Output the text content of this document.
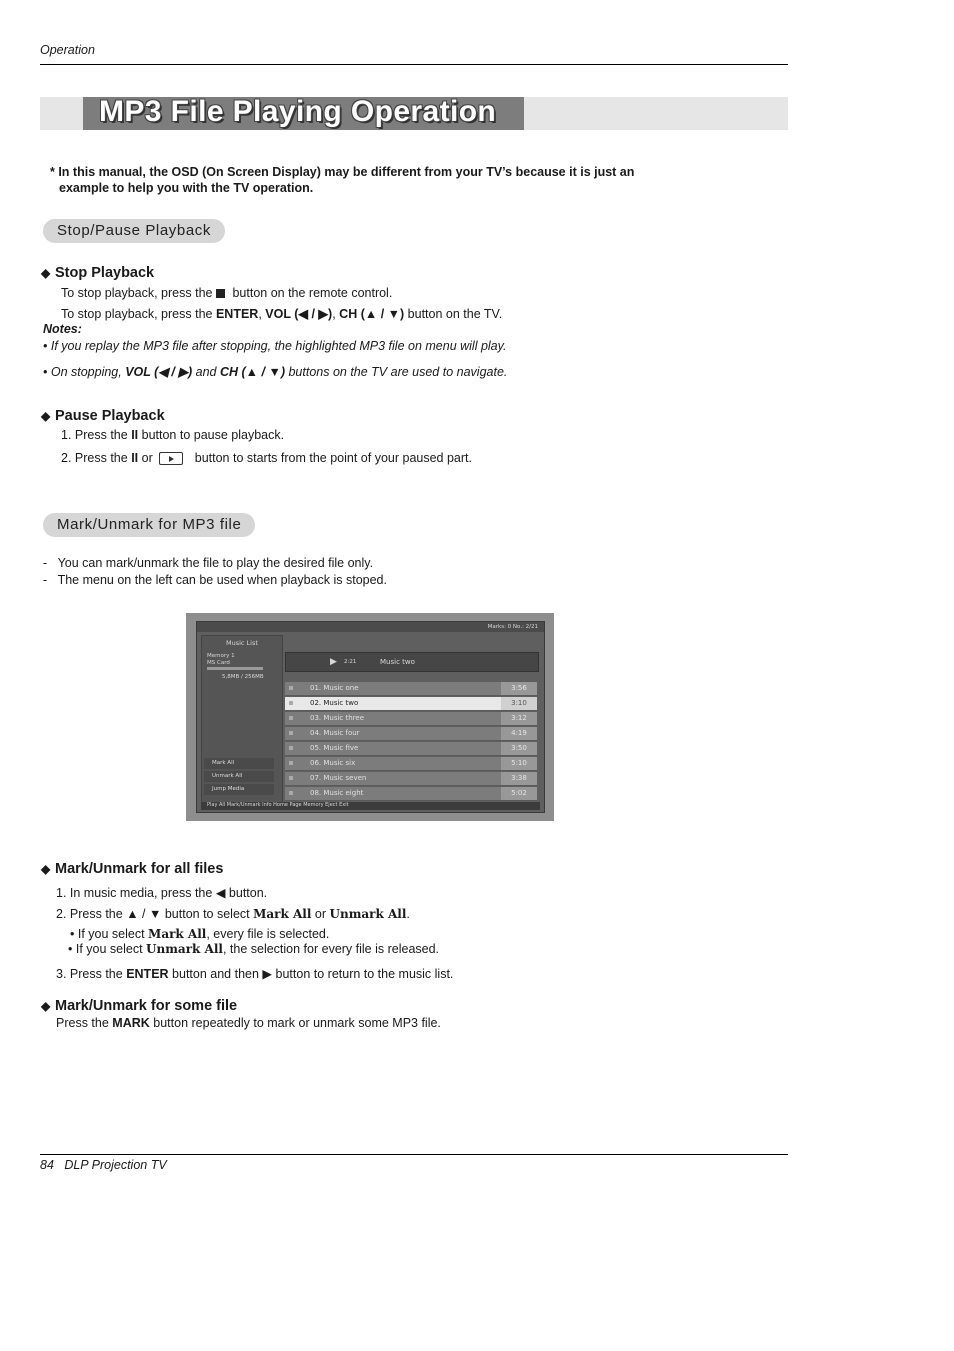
Operation
MP3 File Playing Operation
* In this manual, the OSD (On Screen Display) may be different from your TV’s because it is just an
example to help you with the TV operation.
Stop/Pause Playback
◆ Stop Playback
To stop playback, press the button on the remote control.
To stop playback, press the ENTER, VOL (◀ / ▶), CH (▲ / ▼) button on the TV.
Notes:
• If you replay the MP3 file after stopping, the highlighted MP3 file on menu will play.
• On stopping, VOL (◀ / ▶) and CH (▲ / ▼) buttons on the TV are used to navigate.
◆ Pause Playback
1. Press the II button to pause playback.
2. Press the II or	button to starts from the point of your paused part.
Mark/Unmark for MP3 file
-   You can mark/unmark the file to play the desired file only.
-   The menu on the left can be used when playback is stoped.
Marks: 0 No.: 2/21
Music List
Memory 1
MS Card
5,8MB / 256MB
Mark All
Unmark All
Jump Media
▶ 2:21	Music two
01. Music one	3:56
02. Music two	3:10
03. Music three	3:12
04. Music four	4:19
05. Music five	3:50
06. Music six	5:10
07. Music seven	3:38
08. Music eight	5:02
Play All Mark/Unmark Info Home Page Memory Eject Exit
◆ Mark/Unmark for all files
1. In music media, press the ◀ button.
2. Press the ▲ / ▼ button to select Mark All or Unmark All.
• If you select Mark All, every file is selected.
• If you select Unmark All, the selection for every file is released.
3. Press the ENTER button and then ▶ button to return to the music list.
◆ Mark/Unmark for some file
Press the MARK button repeatedly to mark or unmark some MP3 file.
84 DLP Projection TV
